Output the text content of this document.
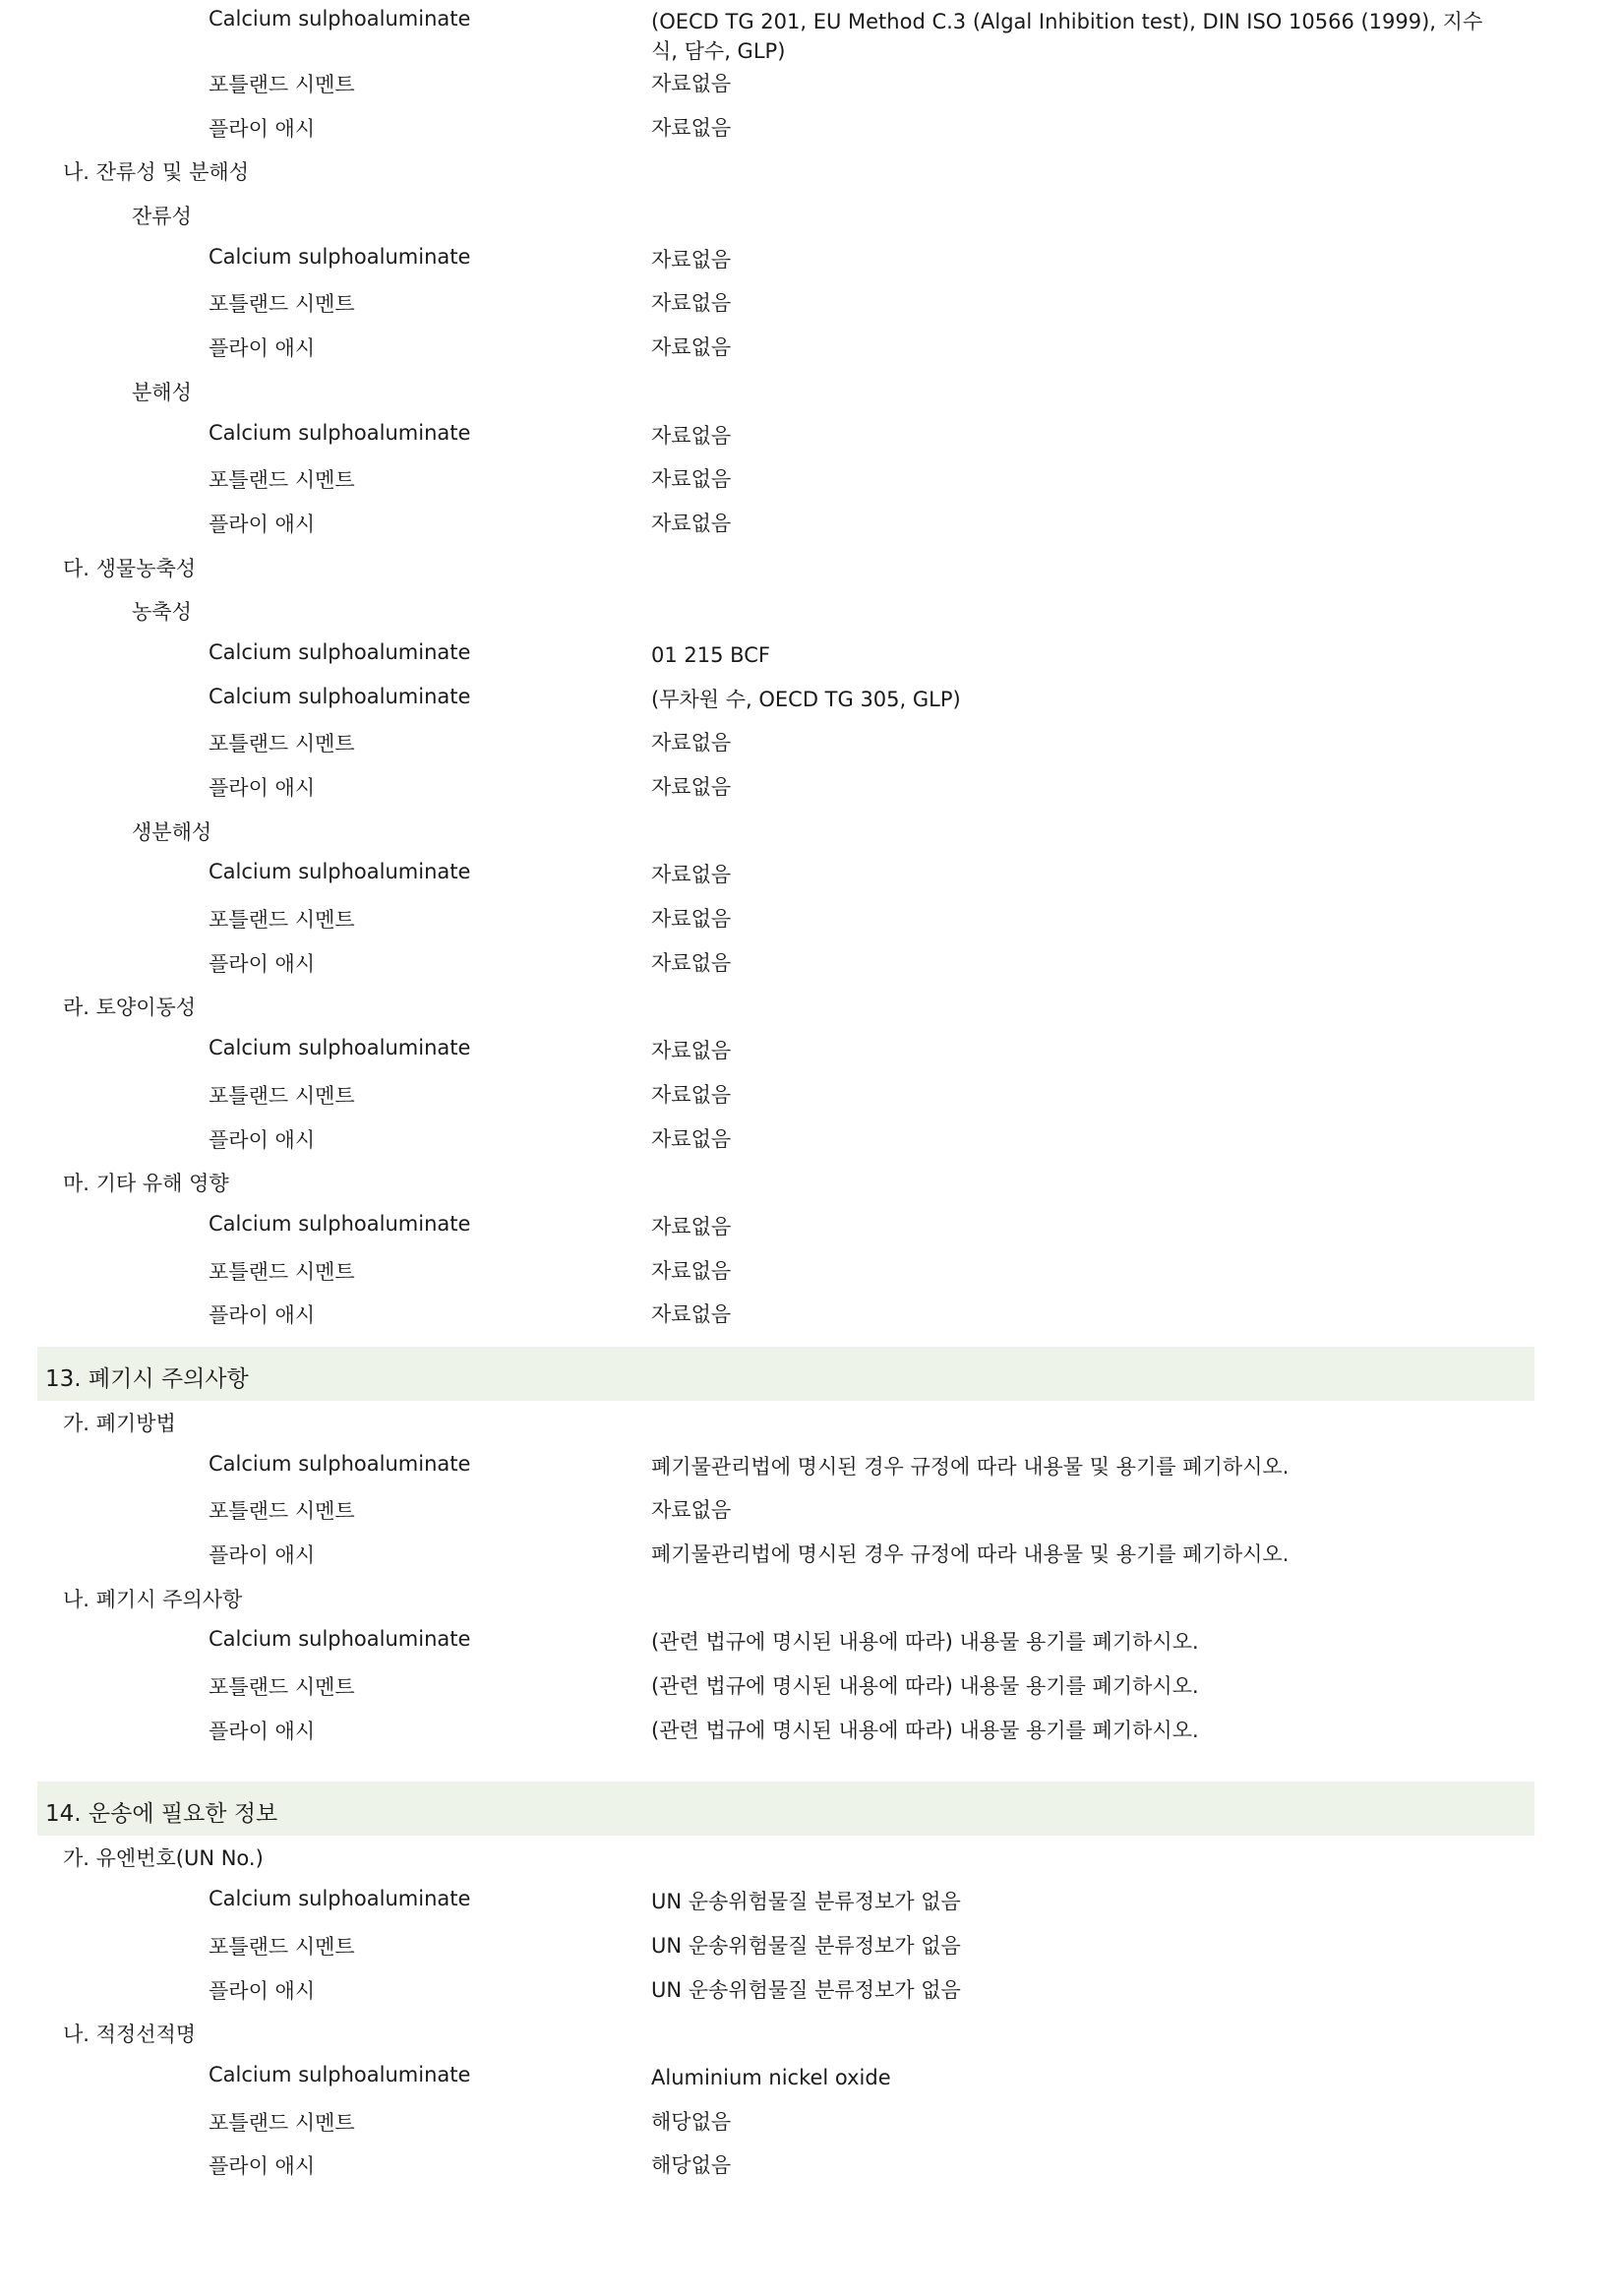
Calcium sulphoaluminate	(OECD TG 201, EU Method C.3 (Algal Inhibition test), DIN ISO 10566 (1999), 지수식, 담수, GLP)
포틀랜드 시멘트	자료없음
플라이 애시	자료없음
나. 잔류성 및 분해성
잔류성
Calcium sulphoaluminate	자료없음
포틀랜드 시멘트	자료없음
플라이 애시	자료없음
분해성
Calcium sulphoaluminate	자료없음
포틀랜드 시멘트	자료없음
플라이 애시	자료없음
다. 생물농축성
농축성
Calcium sulphoaluminate	01 215 BCF
Calcium sulphoaluminate	(무차원 수, OECD TG 305, GLP)
포틀랜드 시멘트	자료없음
플라이 애시	자료없음
생분해성
Calcium sulphoaluminate	자료없음
포틀랜드 시멘트	자료없음
플라이 애시	자료없음
라. 토양이동성
Calcium sulphoaluminate	자료없음
포틀랜드 시멘트	자료없음
플라이 애시	자료없음
마. 기타 유해 영향
Calcium sulphoaluminate	자료없음
포틀랜드 시멘트	자료없음
플라이 애시	자료없음
13. 폐기시 주의사항
가. 폐기방법
Calcium sulphoaluminate	폐기물관리법에 명시된 경우 규정에 따라 내용물 및 용기를 폐기하시오.
포틀랜드 시멘트	자료없음
플라이 애시	폐기물관리법에 명시된 경우 규정에 따라 내용물 및 용기를 폐기하시오.
나. 폐기시 주의사항
Calcium sulphoaluminate	(관련 법규에 명시된 내용에 따라) 내용물 용기를 폐기하시오.
포틀랜드 시멘트	(관련 법규에 명시된 내용에 따라) 내용물 용기를 폐기하시오.
플라이 애시	(관련 법규에 명시된 내용에 따라) 내용물 용기를 폐기하시오.
14. 운송에 필요한 정보
가. 유엔번호(UN No.)
Calcium sulphoaluminate	UN 운송위험물질 분류정보가 없음
포틀랜드 시멘트	UN 운송위험물질 분류정보가 없음
플라이 애시	UN 운송위험물질 분류정보가 없음
나. 적정선적명
Calcium sulphoaluminate	Aluminium nickel oxide
포틀랜드 시멘트	해당없음
플라이 애시	해당없음
